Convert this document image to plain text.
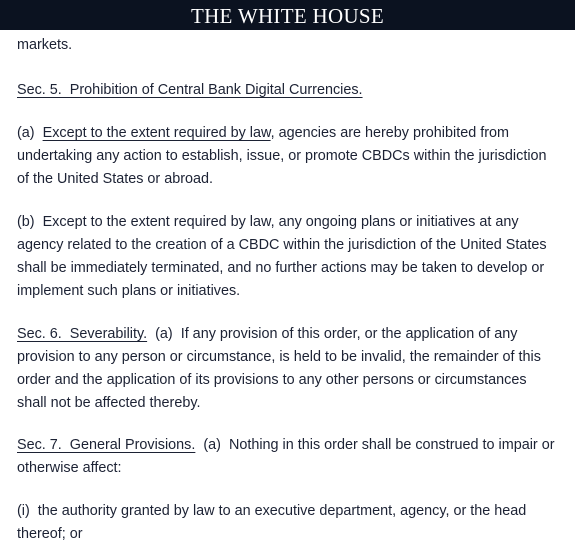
THE WHITE HOUSE

markets.

Sec. 5.  Prohibition of Central Bank Digital Currencies.

(a)  Except to the extent required by law, agencies are hereby prohibited from
undertaking any action to establish, issue, or promote CBDCs within the jurisdiction
of the United States or abroad.

(b)  Except to the extent required by law, any ongoing plans or initiatives at any
agency related to the creation of a CBDC within the jurisdiction of the United States
shall be immediately terminated, and no further actions may be taken to develop or
implement such plans or initiatives.

Sec. 6.  Severability.  (a)  If any provision of this order, or the application of any
provision to any person or circumstance, is held to be invalid, the remainder of this
order and the application of its provisions to any other persons or circumstances
shall not be affected thereby.

Sec. 7.  General Provisions.  (a)  Nothing in this order shall be construed to impair or
otherwise affect:

(i)  the authority granted by law to an executive department, agency, or the head
thereof; or
